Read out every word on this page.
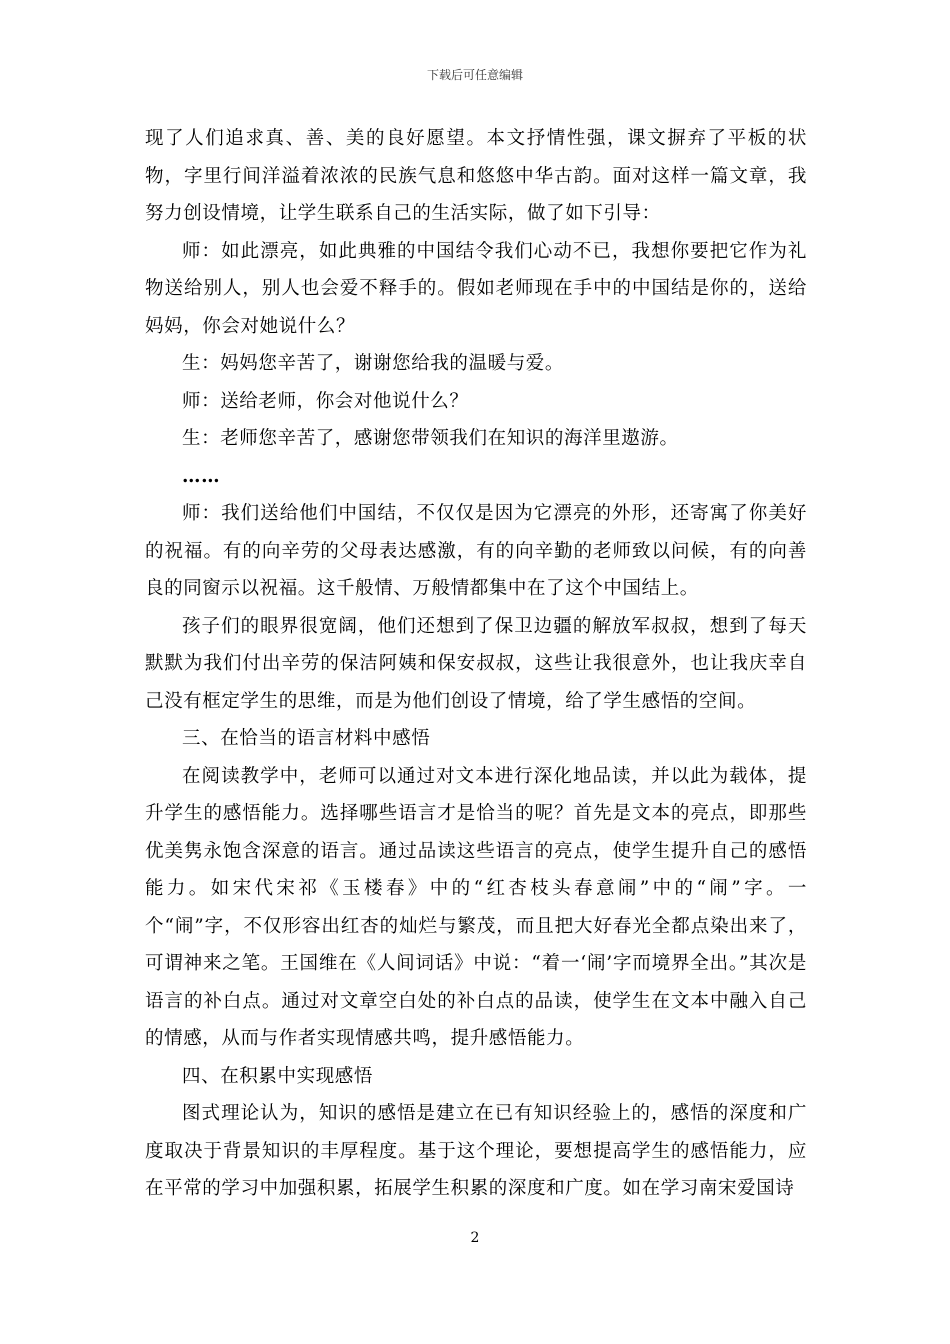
下载后可任意编辑

现了人们追求真、善、美的良好愿望。本文抒情性强，课文摒弃了平板的状物，字里行间洋溢着浓浓的民族气息和悠悠中华古韵。面对这样一篇文章，我努力创设情境，让学生联系自己的生活实际，做了如下引导：

师：如此漂亮，如此典雅的中国结令我们心动不已，我想你要把它作为礼物送给别人，别人也会爱不释手的。假如老师现在手中的中国结是你的，送给妈妈，你会对她说什么？

生：妈妈您辛苦了，谢谢您给我的温暖与爱。

师：送给老师，你会对他说什么？

生：老师您辛苦了，感谢您带领我们在知识的海洋里遨游。

……

师：我们送给他们中国结，不仅仅是因为它漂亮的外形，还寄寓了你美好的祝福。有的向辛劳的父母表达感激，有的向辛勤的老师致以问候，有的向善良的同窗示以祝福。这千般情、万般情都集中在了这个中国结上。

孩子们的眼界很宽阔，他们还想到了保卫边疆的解放军叔叔，想到了每天默默为我们付出辛劳的保洁阿姨和保安叔叔，这些让我很意外，也让我庆幸自己没有框定学生的思维，而是为他们创设了情境，给了学生感悟的空间。

三、在恰当的语言材料中感悟

在阅读教学中，老师可以通过对文本进行深化地品读，并以此为载体，提升学生的感悟能力。选择哪些语言才是恰当的呢？首先是文本的亮点，即那些优美隽永饱含深意的语言。通过品读这些语言的亮点，使学生提升自己的感悟能力。如宋代宋祁《玉楼春》中的“红杏枝头春意闹”中的“闹”字。一个“闹”字，不仅形容出红杏的灿烂与繁茂，而且把大好春光全都点染出来了，可谓神来之笔。王国维在《人间词话》中说：“着一‘闹’字而境界全出。”其次是语言的补白点。通过对文章空白处的补白点的品读，使学生在文本中融入自己的情感，从而与作者实现情感共鸣，提升感悟能力。

四、在积累中实现感悟

图式理论认为，知识的感悟是建立在已有知识经验上的，感悟的深度和广度取决于背景知识的丰厚程度。基于这个理论，要想提高学生的感悟能力，应在平常的学习中加强积累，拓展学生积累的深度和广度。如在学习南宋爱国诗

2
